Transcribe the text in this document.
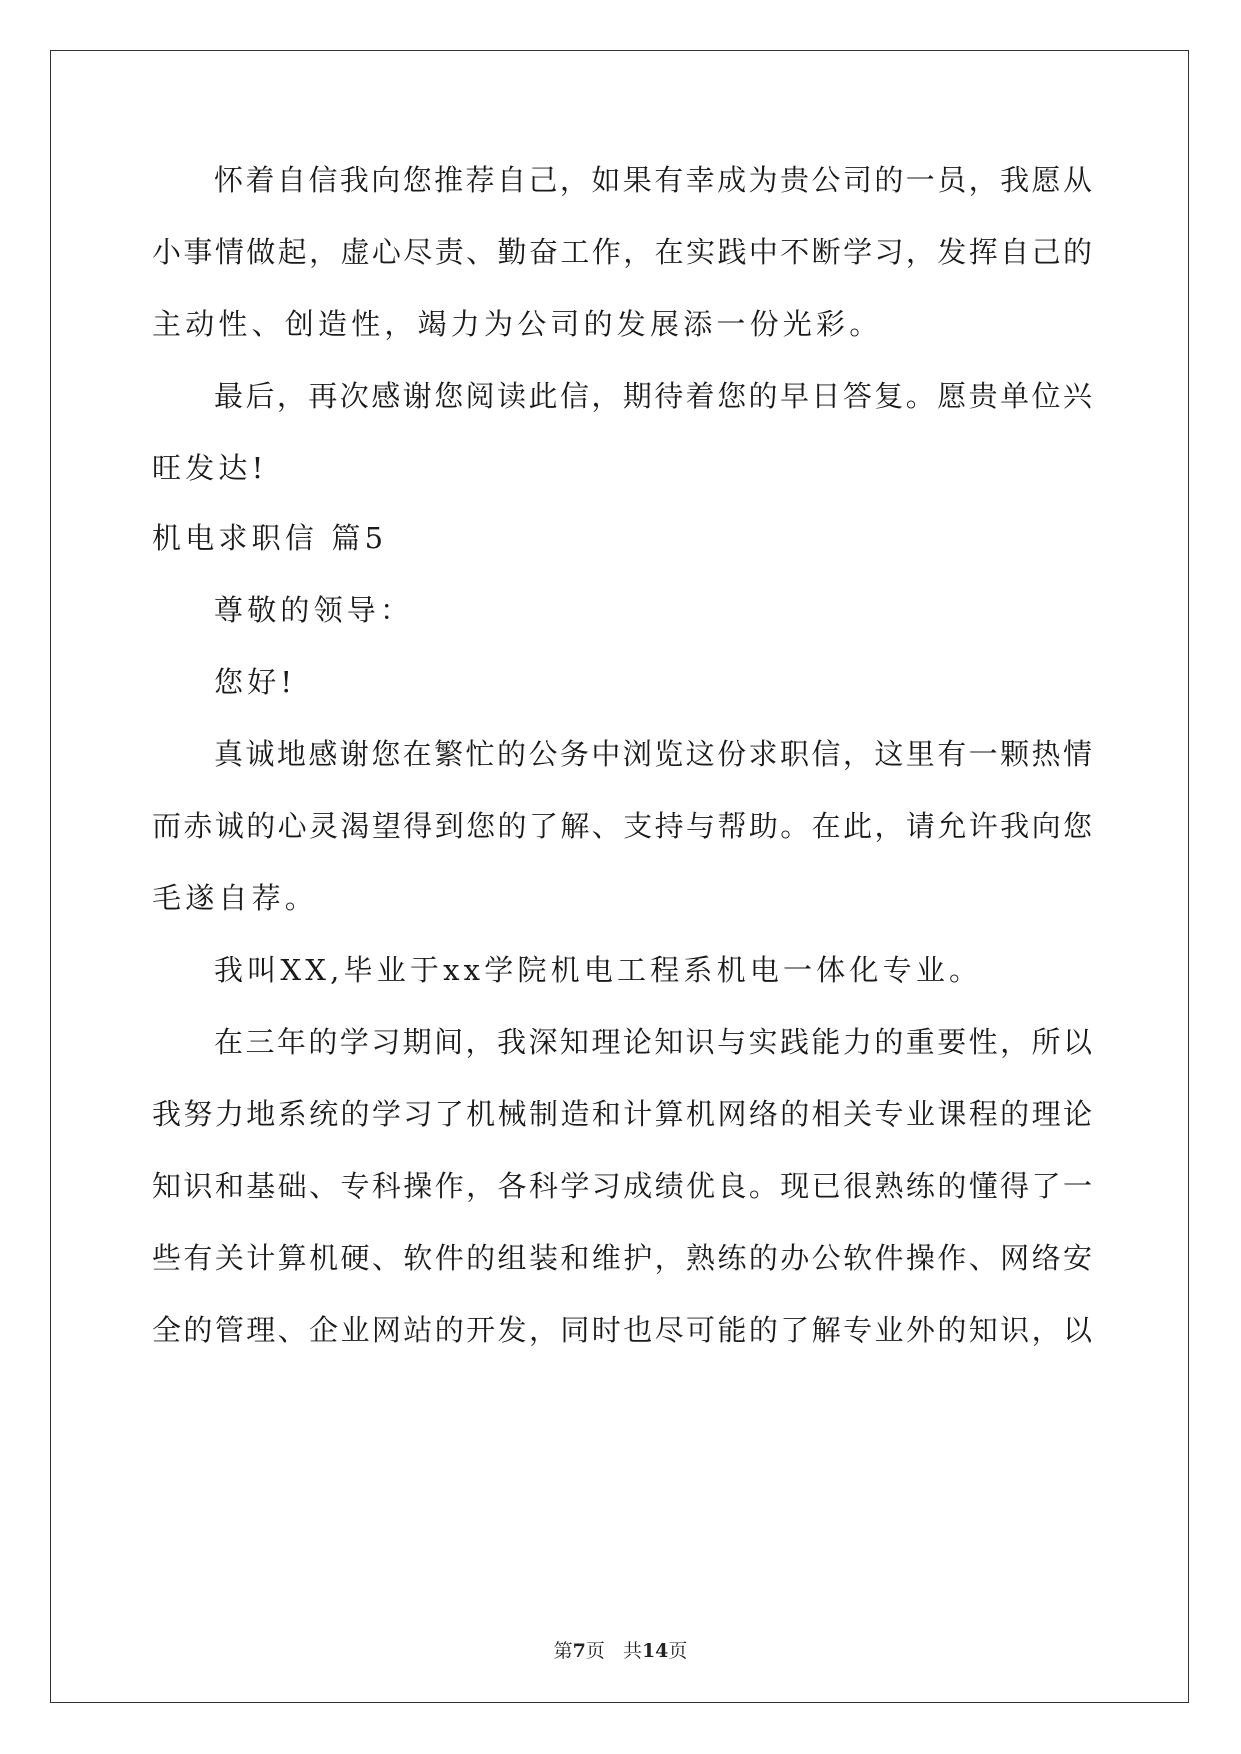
怀着自信我向您推荐自己，如果有幸成为贵公司的一员，我愿从
小事情做起，虚心尽责、勤奋工作，在实践中不断学习，发挥自己的
主动性、创造性，竭力为公司的发展添一份光彩。
最后，再次感谢您阅读此信，期待着您的早日答复。愿贵单位兴
旺发达!
机电求职信 篇5
尊敬的领导：
您好!
真诚地感谢您在繁忙的公务中浏览这份求职信，这里有一颗热情
而赤诚的心灵渴望得到您的了解、支持与帮助。在此，请允许我向您
毛遂自荐。
我叫XX,毕业于xx学院机电工程系机电一体化专业。
在三年的学习期间，我深知理论知识与实践能力的重要性，所以
我努力地系统的学习了机械制造和计算机网络的相关专业课程的理论
知识和基础、专科操作，各科学习成绩优良。现已很熟练的懂得了一
些有关计算机硬、软件的组装和维护，熟练的办公软件操作、网络安
全的管理、企业网站的开发，同时也尽可能的了解专业外的知识，以
第7页   共14页
